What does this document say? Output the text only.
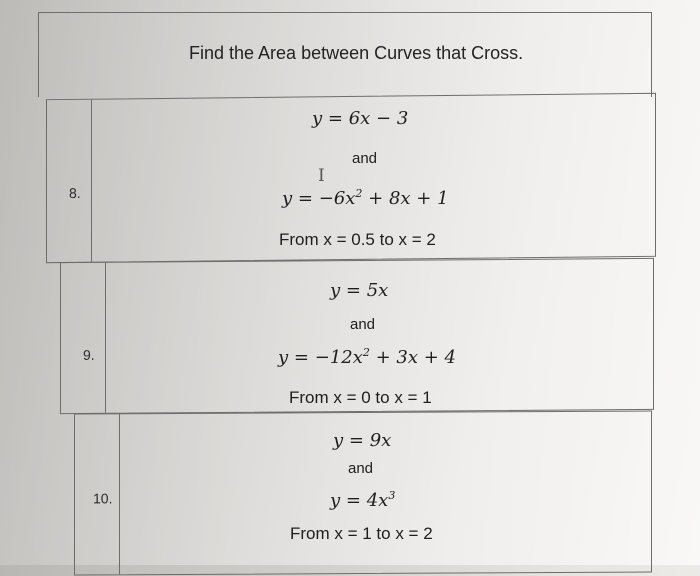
Find the Area between Curves that Cross.
8.
y = 6x − 3
and
$y = -6x^2 + 8x + 1$
From x = 0.5 to x = 2
I
9.
y = 5x
and
$y = -12x^2 + 3x + 4$
From x = 0 to x = 1
10.
y = 9x
and
$y = 4x^3$
From x = 1 to x = 2
